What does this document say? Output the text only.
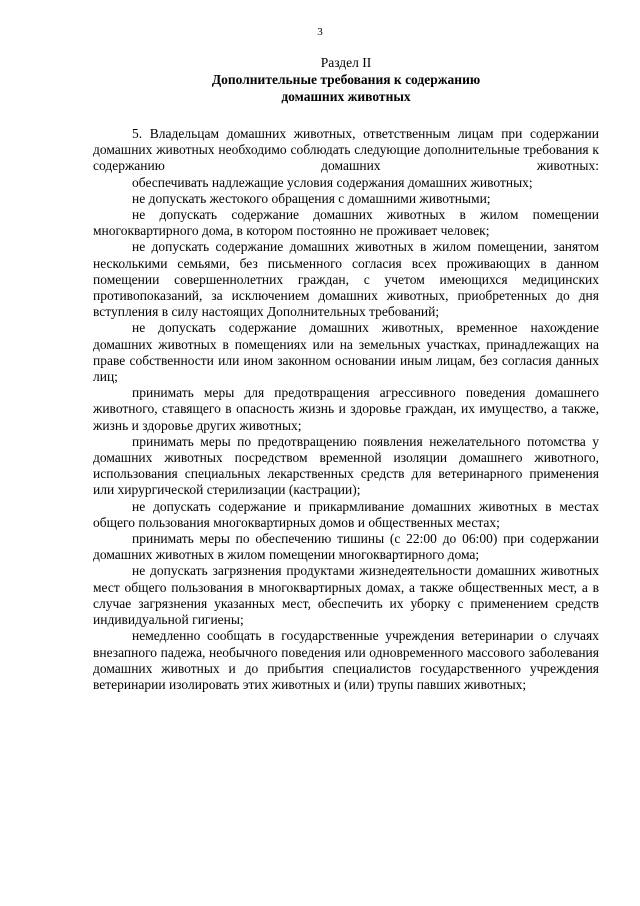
3
Раздел II
Дополнительные требования к содержанию
домашних животных

5. Владельцам домашних животных, ответственным лицам при содержании домашних животных необходимо соблюдать следующие дополнительные требования к содержанию домашних животных:

обеспечивать надлежащие условия содержания домашних животных;

не допускать жестокого обращения с домашними животными;

не допускать содержание домашних животных в жилом помещении многоквартирного дома, в котором постоянно не проживает человек;

не допускать содержание домашних животных в жилом помещении, занятом несколькими семьями, без письменного согласия всех проживающих в данном помещении совершеннолетних граждан, с учетом имеющихся медицинских противопоказаний, за исключением домашних животных, приобретенных до дня вступления в силу настоящих Дополнительных требований;

не допускать содержание домашних животных, временное нахождение домашних животных в помещениях или на земельных участках, принадлежащих на праве собственности или ином законном основании иным лицам, без согласия данных лиц;

принимать меры для предотвращения агрессивного поведения домашнего животного, ставящего в опасность жизнь и здоровье граждан, их имущество, а также, жизнь и здоровье других животных;

принимать меры по предотвращению появления нежелательного потомства у домашних животных посредством временной изоляции домашнего животного, использования специальных лекарственных средств для ветеринарного применения или хирургической стерилизации (кастрации);

не допускать содержание и прикармливание домашних животных в местах общего пользования многоквартирных домов и общественных местах;

принимать меры по обеспечению тишины (с 22:00 до 06:00) при содержании домашних животных в жилом помещении многоквартирного дома;

не допускать загрязнения продуктами жизнедеятельности домашних животных мест общего пользования в многоквартирных домах, а также общественных мест, а в случае загрязнения указанных мест, обеспечить их уборку с применением средств индивидуальной гигиены;

немедленно сообщать в государственные учреждения ветеринарии о случаях внезапного падежа, необычного поведения или одновременного массового заболевания домашних животных и до прибытия специалистов государственного учреждения ветеринарии изолировать этих животных и (или) трупы павших животных;
